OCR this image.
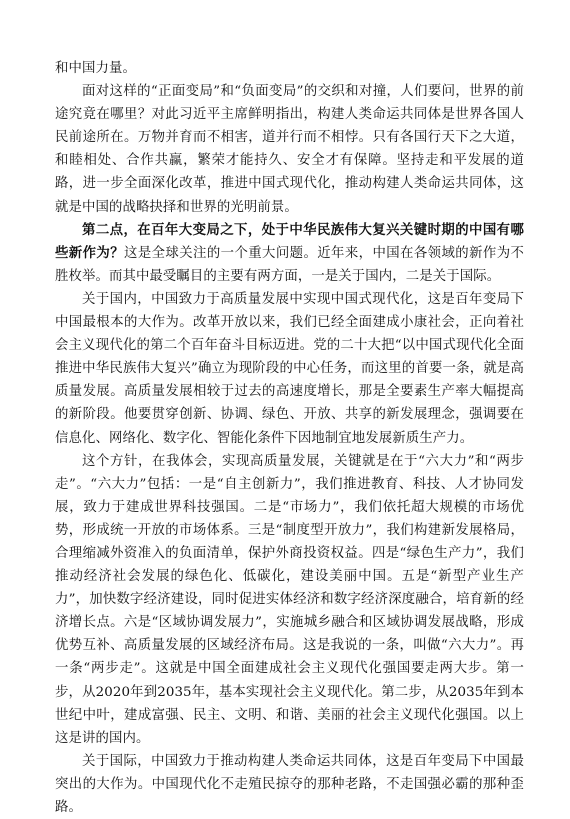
和中国力量。

面对这样的“正面变局”和“负面变局”的交织和对撞，人们要问，世界的前途究竟在哪里？对此习近平主席鲜明指出，构建人类命运共同体是世界各国人民前途所在。万物并育而不相害，道并行而不相悖。只有各国行天下之大道，和睦相处、合作共赢，繁荣才能持久、安全才有保障。坚持走和平发展的道路，进一步全面深化改革，推进中国式现代化，推动构建人类命运共同体，这就是中国的战略抉择和世界的光明前景。

第二点，在百年大变局之下，处于中华民族伟大复兴关键时期的中国有哪些新作为？这是全球关注的一个重大问题。近年来，中国在各领域的新作为不胜枚举。而其中最受瞩目的主要有两方面，一是关于国内，二是关于国际。

关于国内，中国致力于高质量发展中实现中国式现代化，这是百年变局下中国最根本的大作为。改革开放以来，我们已经全面建成小康社会，正向着社会主义现代化的第二个百年奋斗目标迈进。党的二十大把“以中国式现代化全面推进中华民族伟大复兴”确立为现阶段的中心任务，而这里的首要一条，就是高质量发展。高质量发展相较于过去的高速度增长，那是全要素生产率大幅提高的新阶段。他要贯穿创新、协调、绿色、开放、共享的新发展理念，强调要在信息化、网络化、数字化、智能化条件下因地制宜地发展新质生产力。

这个方针，在我体会，实现高质量发展，关键就是在于“六大力”和“两步走”。“六大力”包括：一是“自主创新力”，我们推进教育、科技、人才协同发展，致力于建成世界科技强国。二是“市场力”，我们依托超大规模的市场优势，形成统一开放的市场体系。三是“制度型开放力”，我们构建新发展格局，合理缩减外资准入的负面清单，保护外商投资权益。四是“绿色生产力”，我们推动经济社会发展的绿色化、低碳化，建设美丽中国。五是“新型产业生产力”，加快数字经济建设，同时促进实体经济和数字经济深度融合，培育新的经济增长点。六是“区域协调发展力”，实施城乡融合和区域协调发展战略，形成优势互补、高质量发展的区域经济布局。这是我说的一条，叫做“六大力”。再一条“两步走”。这就是中国全面建成社会主义现代化强国要走两大步。第一步，从2020年到2035年，基本实现社会主义现代化。第二步，从2035年到本世纪中叶，建成富强、民主、文明、和谐、美丽的社会主义现代化强国。以上这是讲的国内。

关于国际，中国致力于推动构建人类命运共同体，这是百年变局下中国最突出的大作为。中国现代化不走殖民掠夺的那种老路，不走国强必霸的那种歪路。
